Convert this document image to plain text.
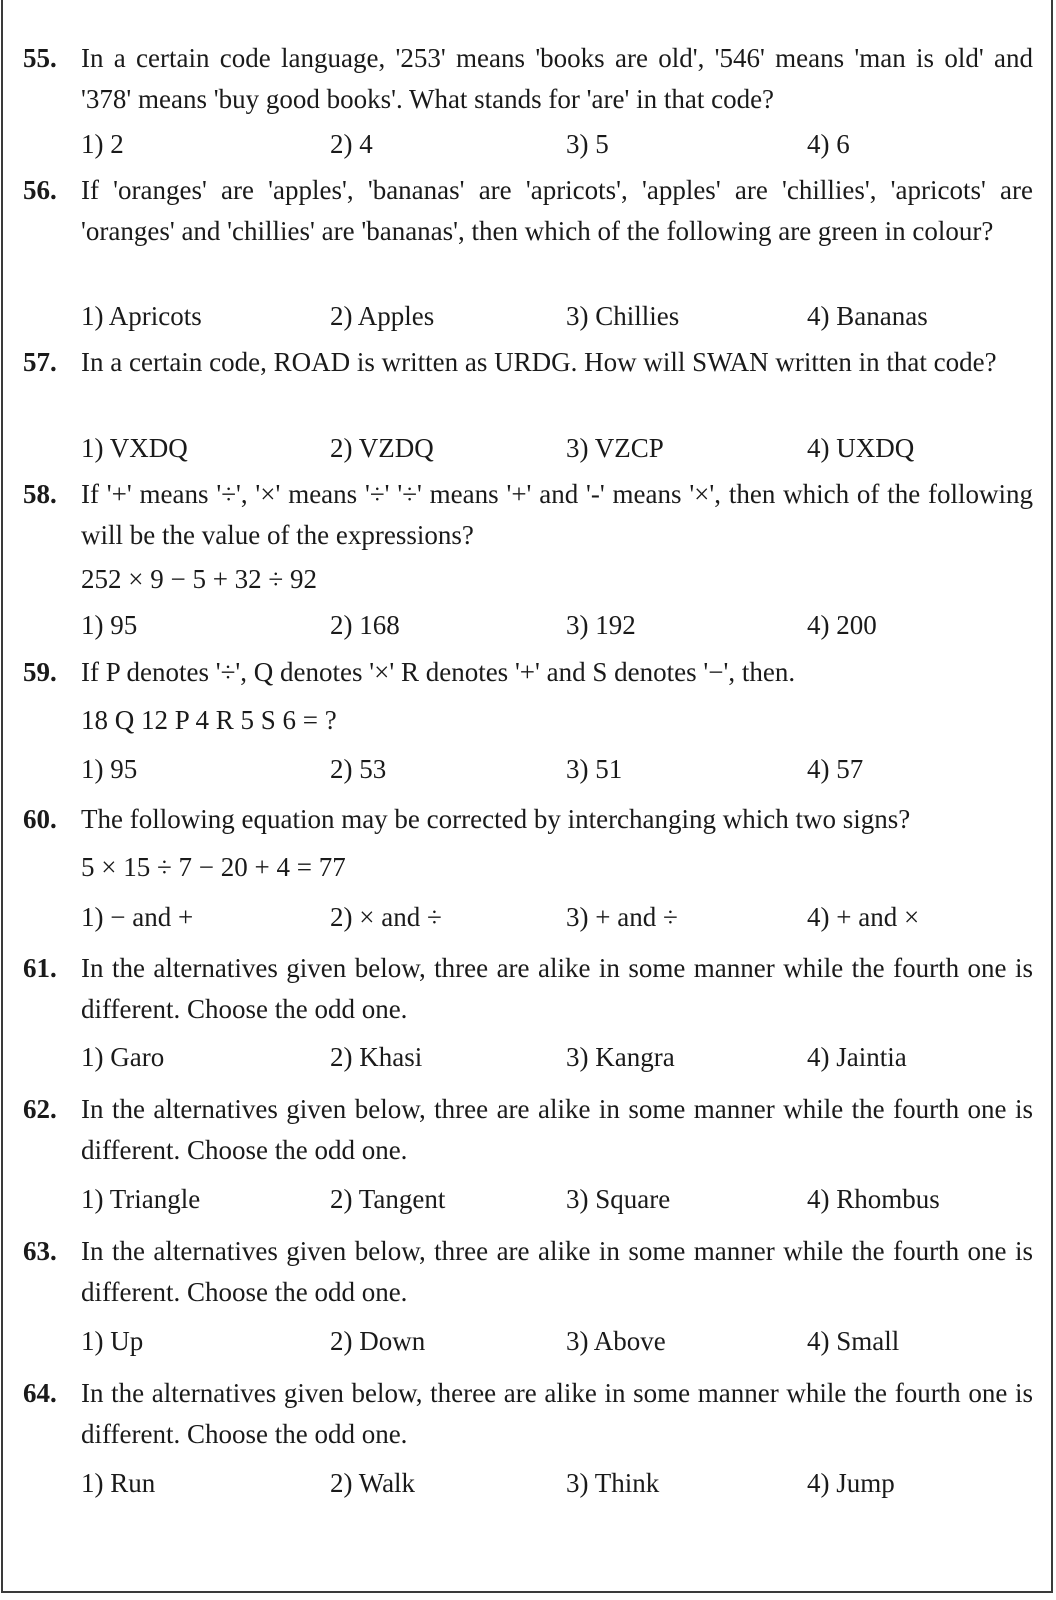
55. In a certain code language, '253' means 'books are old', '546' means 'man is old' and '378' means 'buy good books'. What stands for 'are' in that code?
1) 2	2) 4	3) 5	4) 6
56. If 'oranges' are 'apples', 'bananas' are 'apricots', 'apples' are 'chillies', 'apricots' are 'oranges' and 'chillies' are 'bananas', then which of the following are green in colour?
1) Apricots	2) Apples	3) Chillies	4) Bananas
57. In a certain code, ROAD is written as URDG. How will SWAN written in that code?
1) VXDQ	2) VZDQ	3) VZCP	4) UXDQ
58. If '+' means '÷', '×' means '÷' '÷' means '+' and '-' means '×', then which of the following will be the value of the expressions?
252 × 9 − 5 + 32 ÷ 92
1) 95	2) 168	3) 192	4) 200
59. If P denotes '÷', Q denotes '×' R denotes '+' and S denotes '−', then.
18 Q 12 P 4 R 5 S 6 = ?
1) 95	2) 53	3) 51	4) 57
60. The following equation may be corrected by interchanging which two signs?
5 × 15 ÷ 7 − 20 + 4 = 77
1) − and +	2) × and ÷	3) + and ÷	4) + and ×
61. In the alternatives given below, three are alike in some manner while the fourth one is different. Choose the odd one.
1) Garo	2) Khasi	3) Kangra	4) Jaintia
62. In the alternatives given below, three are alike in some manner while the fourth one is different. Choose the odd one.
1) Triangle	2) Tangent	3) Square	4) Rhombus
63. In the alternatives given below, three are alike in some manner while the fourth one is different. Choose the odd one.
1) Up	2) Down	3) Above	4) Small
64. In the alternatives given below, theree are alike in some manner while the fourth one is different. Choose the odd one.
1) Run	2) Walk	3) Think	4) Jump
